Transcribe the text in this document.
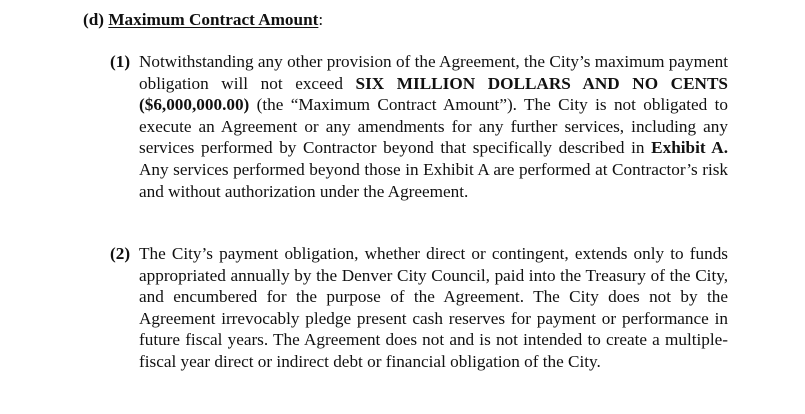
(d) Maximum Contract Amount:
(1) Notwithstanding any other provision of the Agreement, the City’s maximum payment obligation will not exceed SIX MILLION DOLLARS AND NO CENTS ($6,000,000.00) (the “Maximum Contract Amount”). The City is not obligated to execute an Agreement or any amendments for any further services, including any services performed by Contractor beyond that specifically described in Exhibit A. Any services performed beyond those in Exhibit A are performed at Contractor’s risk and without authorization under the Agreement.
(2) The City’s payment obligation, whether direct or contingent, extends only to funds appropriated annually by the Denver City Council, paid into the Treasury of the City, and encumbered for the purpose of the Agreement. The City does not by the Agreement irrevocably pledge present cash reserves for payment or performance in future fiscal years. The Agreement does not and is not intended to create a multiple-fiscal year direct or indirect debt or financial obligation of the City.
